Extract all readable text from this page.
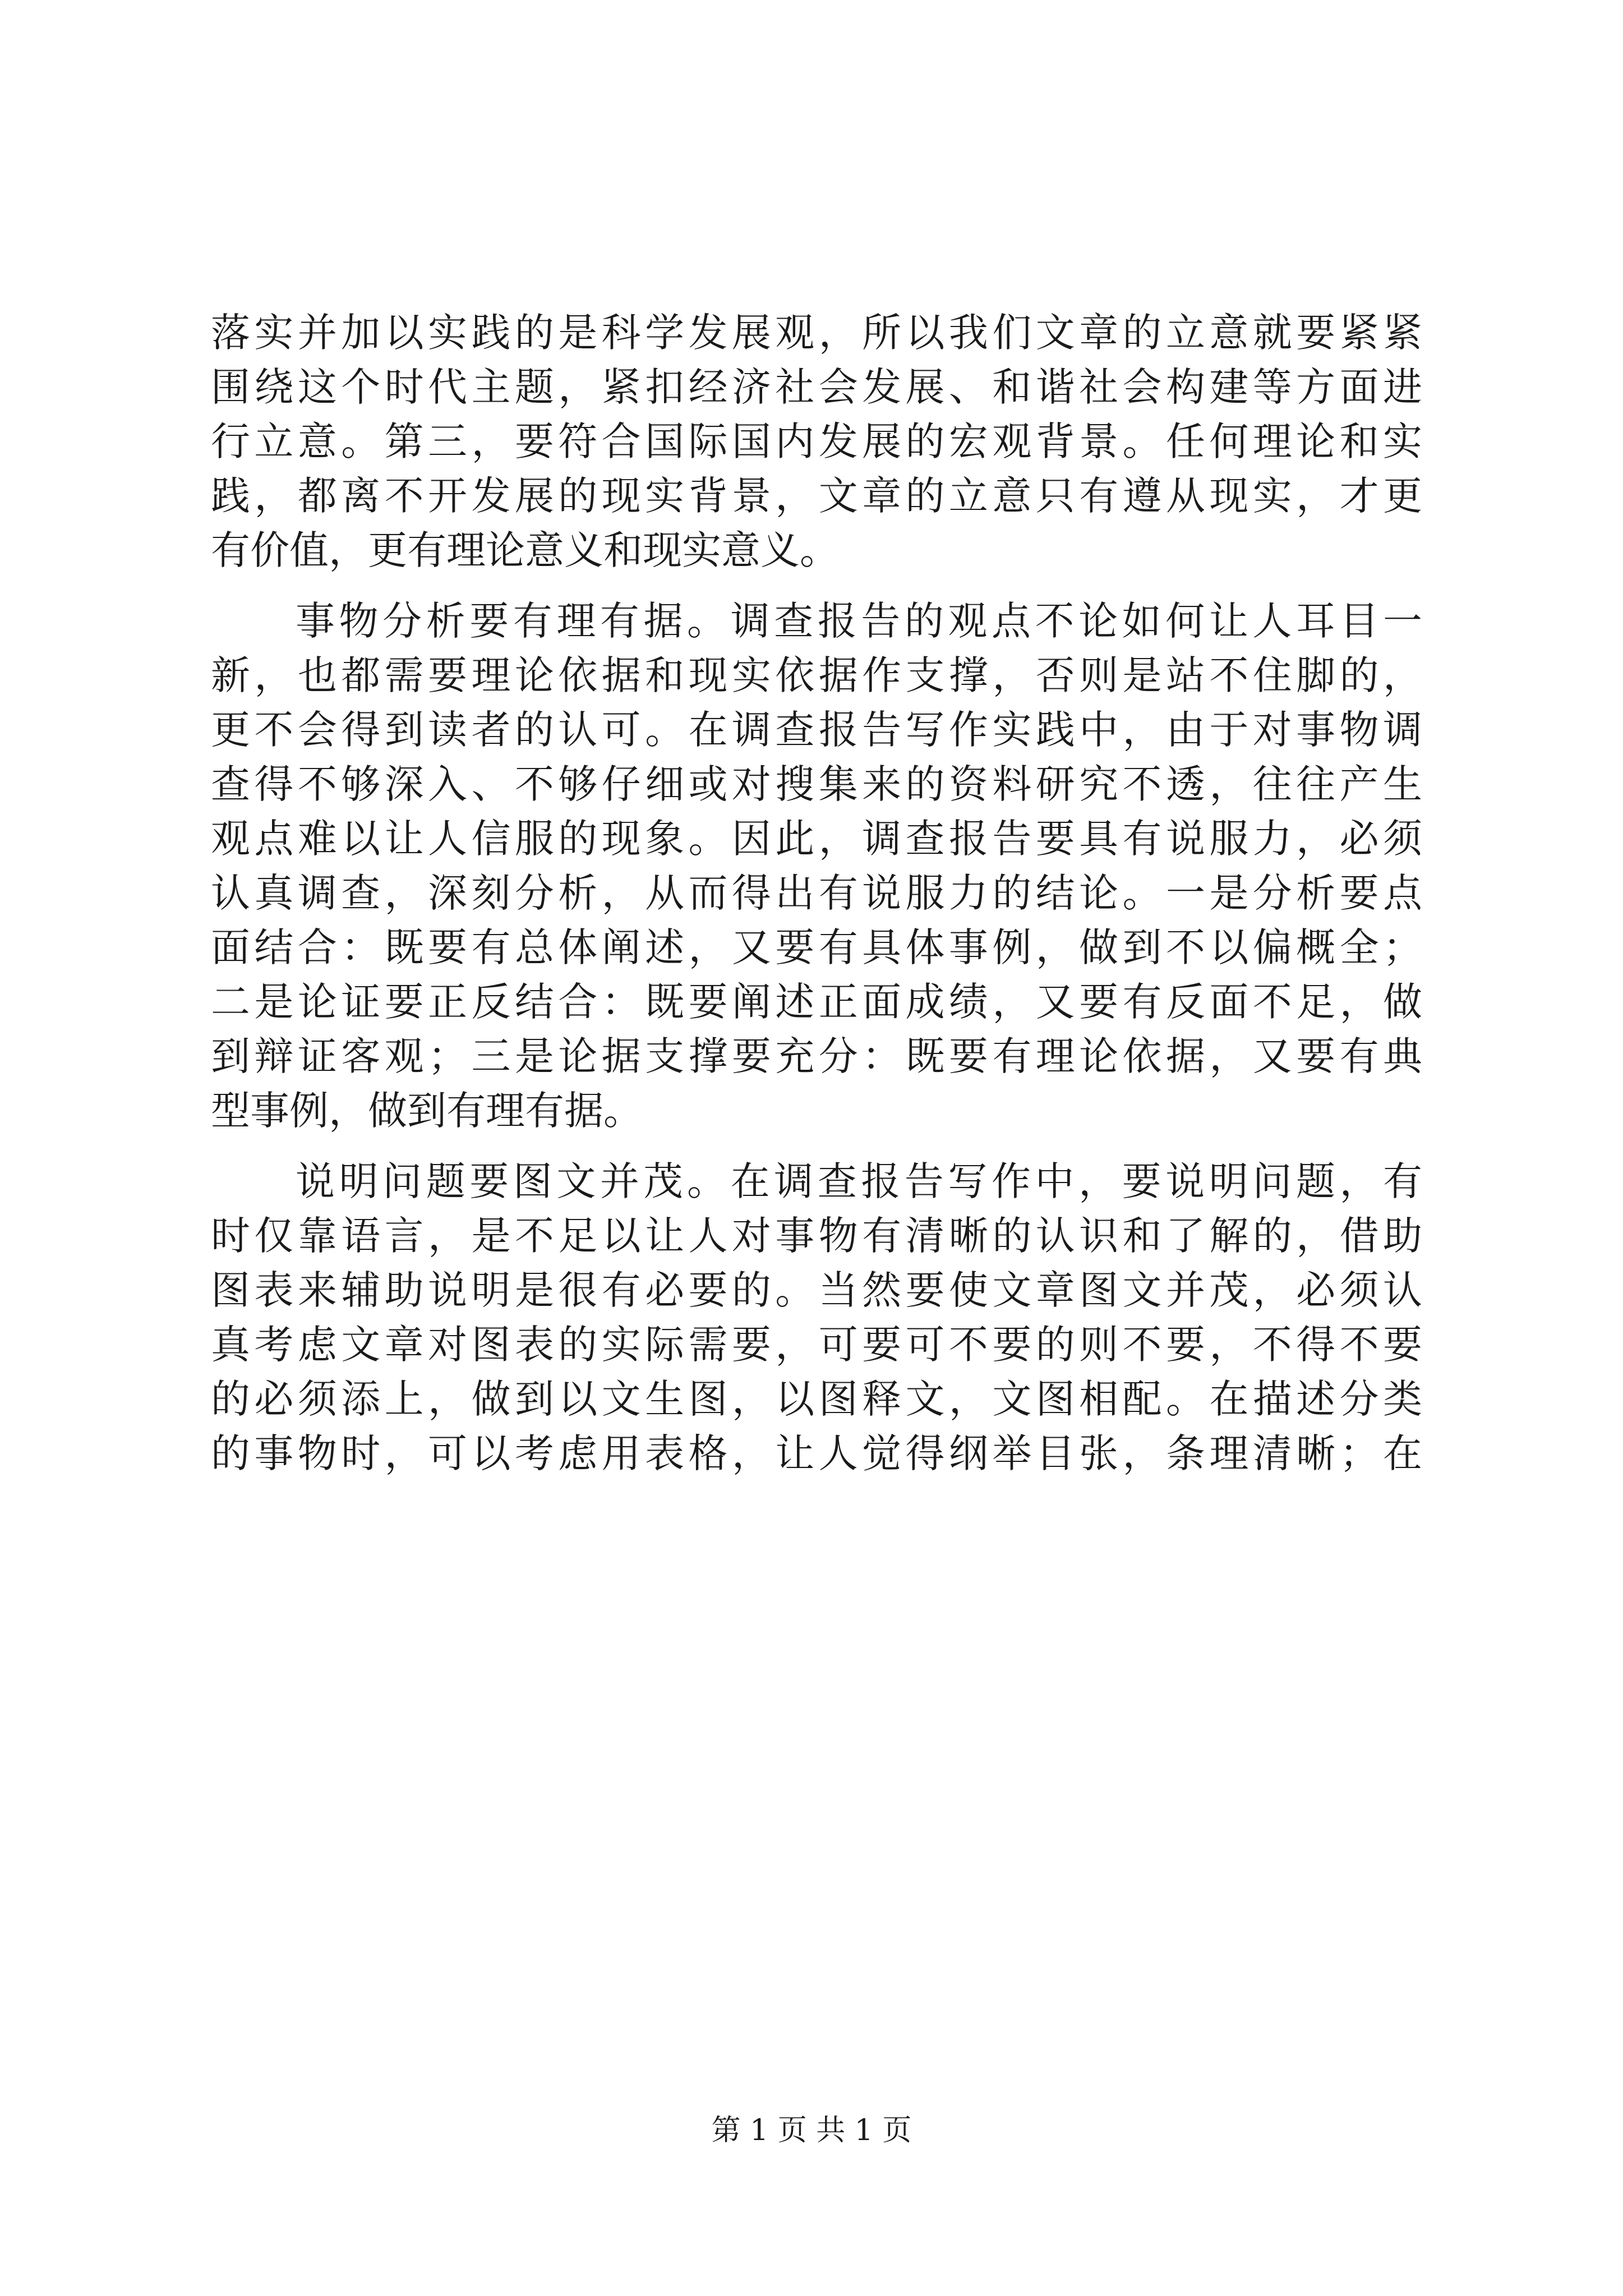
落实并加以实践的是科学发展观，所以我们文章的立意就要紧紧
围绕这个时代主题，紧扣经济社会发展、和谐社会构建等方面进
行立意。第三，要符合国际国内发展的宏观背景。任何理论和实
践，都离不开发展的现实背景，文章的立意只有遵从现实，才更
有价值，更有理论意义和现实意义。
事物分析要有理有据。调查报告的观点不论如何让人耳目一
新，也都需要理论依据和现实依据作支撑，否则是站不住脚的，
更不会得到读者的认可。在调查报告写作实践中，由于对事物调
查得不够深入、不够仔细或对搜集来的资料研究不透，往往产生
观点难以让人信服的现象。因此，调查报告要具有说服力，必须
认真调查，深刻分析，从而得出有说服力的结论。一是分析要点
面结合：既要有总体阐述，又要有具体事例，做到不以偏概全；
二是论证要正反结合：既要阐述正面成绩，又要有反面不足，做
到辩证客观；三是论据支撑要充分：既要有理论依据，又要有典
型事例，做到有理有据。
说明问题要图文并茂。在调查报告写作中，要说明问题，有
时仅靠语言，是不足以让人对事物有清晰的认识和了解的，借助
图表来辅助说明是很有必要的。当然要使文章图文并茂，必须认
真考虑文章对图表的实际需要，可要可不要的则不要，不得不要
的必须添上，做到以文生图，以图释文，文图相配。在描述分类
的事物时，可以考虑用表格，让人觉得纲举目张，条理清晰；在
第 1 页 共 1 页
